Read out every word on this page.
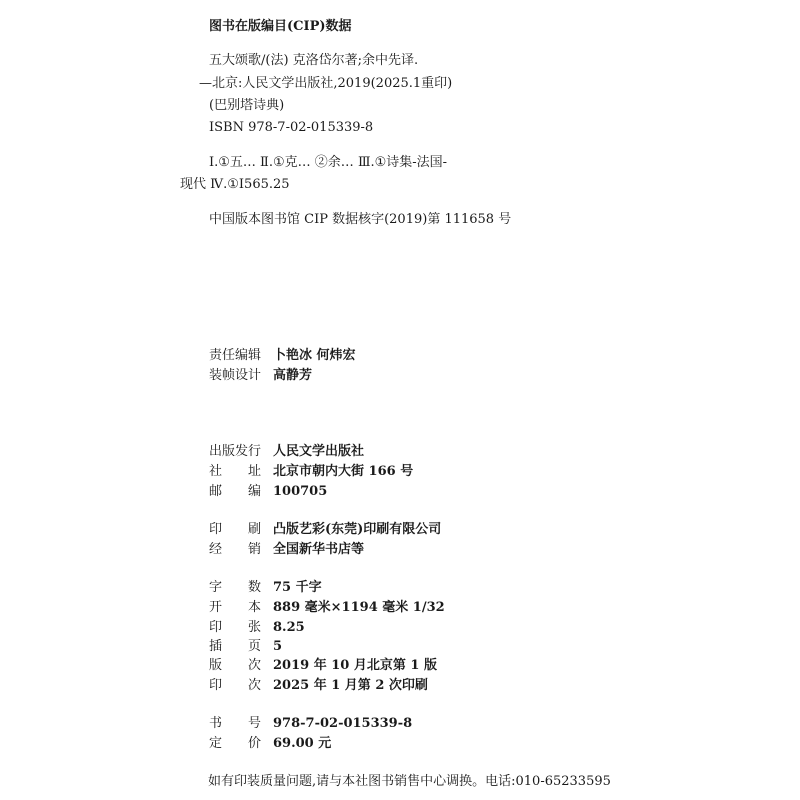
图书在版编目(CIP)数据
五大颂歌/(法) 克洛岱尔著;余中先译.
—北京:人民文学出版社,2019(2025.1重印)
(巴别塔诗典)
ISBN 978-7-02-015339-8
Ⅰ.①五… Ⅱ.①克… ②余… Ⅲ.①诗集-法国-
现代 Ⅳ.①I565.25
中国版本图书馆 CIP 数据核字(2019)第 111658 号
责任编辑 卜艳冰 何炜宏
装帧设计 高静芳
出版发行 人民文学出版社
社 址 北京市朝内大街 166 号
邮 编 100705
印 刷 凸版艺彩(东莞)印刷有限公司
经 销 全国新华书店等
字 数 75 千字
开 本 889 毫米×1194 毫米 1/32
印 张 8.25
插 页 5
版 次 2019 年 10 月北京第 1 版
印 次 2025 年 1 月第 2 次印刷
书 号 978-7-02-015339-8
定 价 69.00 元
如有印装质量问题,请与本社图书销售中心调换。电话:010-65233595
